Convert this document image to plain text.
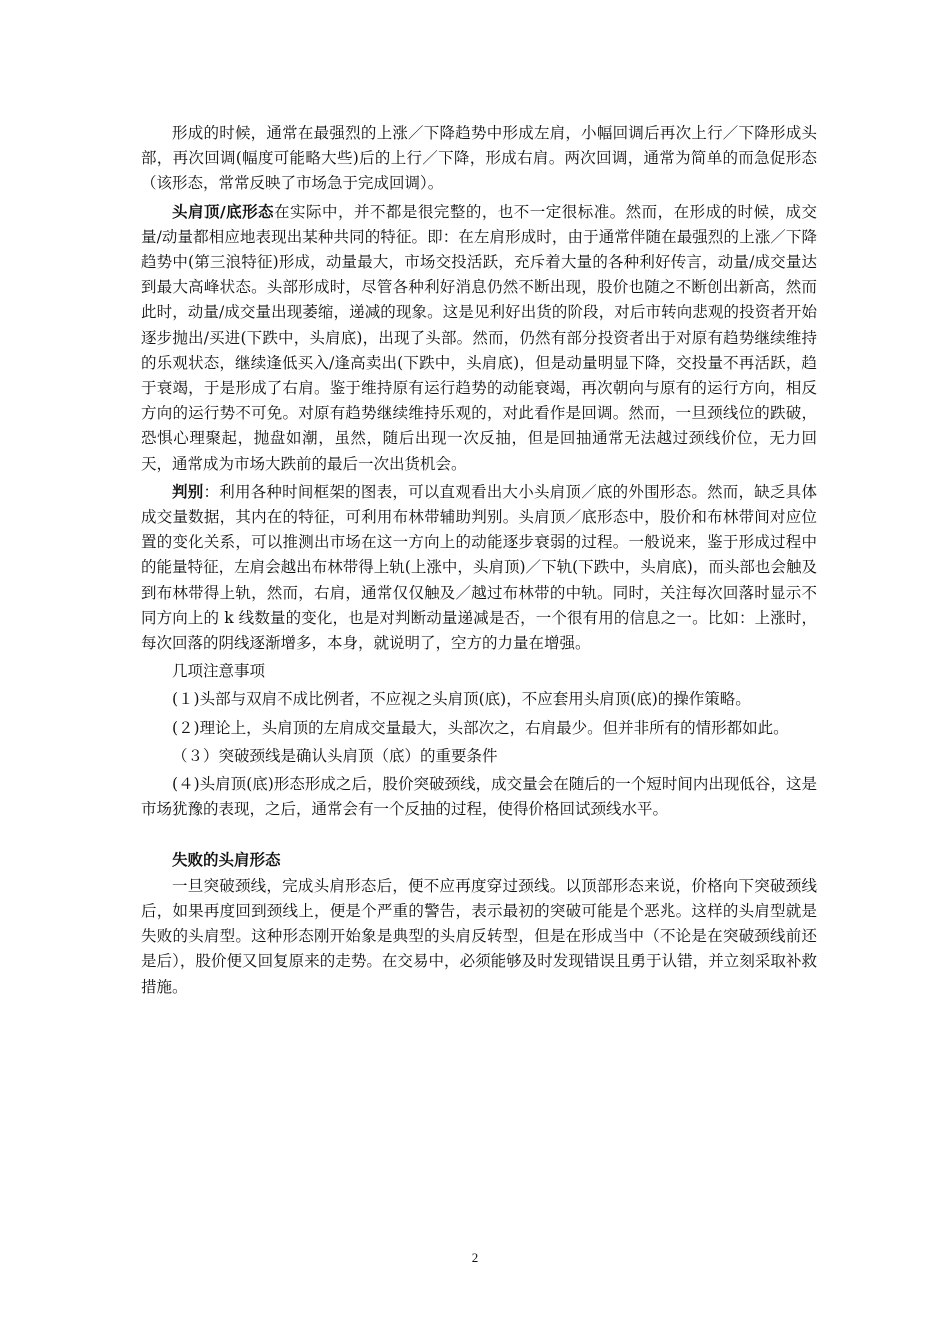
形成的时候，通常在最强烈的上涨／下降趋势中形成左肩，小幅回调后再次上行／下降形成头部，再次回调(幅度可能略大些)后的上行／下降，形成右肩。两次回调，通常为简单的而急促形态（该形态，常常反映了市场急于完成回调）。

头肩顶/底形态在实际中，并不都是很完整的，也不一定很标准。然而，在形成的时候，成交量/动量都相应地表现出某种共同的特征。即：在左肩形成时，由于通常伴随在最强烈的上涨／下降趋势中(第三浪特征)形成，动量最大，市场交投活跃，充斥着大量的各种利好传言，动量/成交量达到最大高峰状态。头部形成时，尽管各种利好消息仍然不断出现，股价也随之不断创出新高，然而此时，动量/成交量出现萎缩，递减的现象。这是见利好出货的阶段，对后市转向悲观的投资者开始逐步抛出/买进(下跌中，头肩底)，出现了头部。然而，仍然有部分投资者出于对原有趋势继续维持的乐观状态，继续逢低买入/逢高卖出(下跌中，头肩底)，但是动量明显下降，交投量不再活跃，趋于衰竭，于是形成了右肩。鉴于维持原有运行趋势的动能衰竭，再次朝向与原有的运行方向，相反方向的运行势不可免。对原有趋势继续维持乐观的，对此看作是回调。然而，一旦颈线位的跌破，恐惧心理聚起，抛盘如潮，虽然，随后出现一次反抽，但是回抽通常无法越过颈线价位，无力回天，通常成为市场大跌前的最后一次出货机会。

判别：利用各种时间框架的图表，可以直观看出大小头肩顶／底的外围形态。然而，缺乏具体成交量数据，其内在的特征，可利用布林带辅助判别。头肩顶／底形态中，股价和布林带间对应位置的变化关系，可以推测出市场在这一方向上的动能逐步衰弱的过程。一般说来，鉴于形成过程中的能量特征，左肩会越出布林带得上轨(上涨中，头肩顶)／下轨(下跌中，头肩底)，而头部也会触及到布林带得上轨，然而，右肩，通常仅仅触及／越过布林带的中轨。同时，关注每次回落时显示不同方向上的 k 线数量的变化，也是对判断动量递减是否，一个很有用的信息之一。比如：上涨时，每次回落的阴线逐渐增多，本身，就说明了，空方的力量在增强。

几项注意事项

(１)头部与双肩不成比例者，不应视之头肩顶(底)，不应套用头肩顶(底)的操作策略。

(２)理论上，头肩顶的左肩成交量最大，头部次之，右肩最少。但并非所有的情形都如此。

（３）突破颈线是确认头肩顶（底）的重要条件

(４)头肩顶(底)形态形成之后，股价突破颈线，成交量会在随后的一个短时间内出现低谷，这是市场犹豫的表现，之后，通常会有一个反抽的过程，使得价格回试颈线水平。

失败的头肩形态

一旦突破颈线，完成头肩形态后，便不应再度穿过颈线。以顶部形态来说，价格向下突破颈线后，如果再度回到颈线上，便是个严重的警告，表示最初的突破可能是个恶兆。这样的头肩型就是失败的头肩型。这种形态刚开始象是典型的头肩反转型，但是在形成当中（不论是在突破颈线前还是后），股价便又回复原来的走势。在交易中，必须能够及时发现错误且勇于认错，并立刻采取补救措施。

2
